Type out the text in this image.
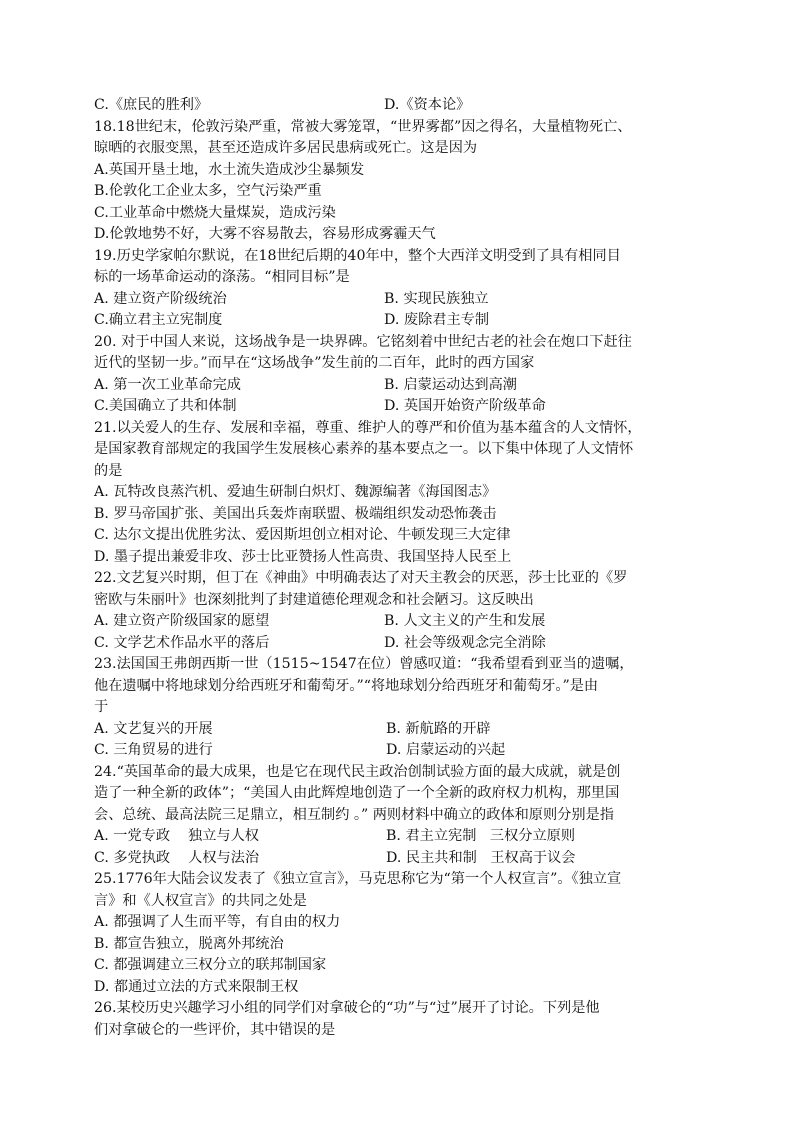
C.《庶民的胜利》	D.《资本论》
18.18世纪末，伦敦污染严重，常被大雾笼罩，“世界雾都”因之得名，大量植物死亡、
晾晒的衣服变黑，甚至还造成许多居民患病或死亡。这是因为
A.英国开垦土地，水土流失造成沙尘暴频发
B.伦敦化工企业太多，空气污染严重
C.工业革命中燃烧大量煤炭，造成污染
D.伦敦地势不好，大雾不容易散去，容易形成雾霾天气
19.历史学家帕尔默说，在18世纪后期的40年中，整个大西洋文明受到了具有相同目
标的一场革命运动的涤荡。“相同目标”是
A. 建立资产阶级统治	B. 实现民族独立
C.确立君主立宪制度	D. 废除君主专制
20. 对于中国人来说，这场战争是一块界碑。它铭刻着中世纪古老的社会在炮口下赶往
近代的坚韧一步。”而早在“这场战争”发生前的二百年，此时的西方国家
A. 第一次工业革命完成	B. 启蒙运动达到高潮
C.美国确立了共和体制	D. 英国开始资产阶级革命
21.以关爱人的生存、发展和幸福，尊重、维护人的尊严和价值为基本蕴含的人文情怀，
是国家教育部规定的我国学生发展核心素养的基本要点之一。以下集中体现了人文情怀
的是
A. 瓦特改良蒸汽机、爱迪生研制白炽灯、魏源编著《海国图志》
B. 罗马帝国扩张、美国出兵轰炸南联盟、极端组织发动恐怖袭击
C. 达尔文提出优胜劣汰、爱因斯坦创立相对论、牛顿发现三大定律
D. 墨子提出兼爱非攻、莎士比亚赞扬人性高贵、我国坚持人民至上
22.文艺复兴时期，但丁在《神曲》中明确表达了对天主教会的厌恶，莎士比亚的《罗
密欧与朱丽叶》也深刻批判了封建道德伦理观念和社会陋习。这反映出
A. 建立资产阶级国家的愿望	B. 人文主义的产生和发展
C. 文学艺术作品水平的落后	D. 社会等级观念完全消除
23.法国国王弗朗西斯一世（1515~1547在位）曾感叹道：“我希望看到亚当的遗嘱，
他在遗嘱中将地球划分给西班牙和葡萄牙。”“将地球划分给西班牙和葡萄牙。”是由
于
A. 文艺复兴的开展	B. 新航路的开辟
C. 三角贸易的进行	D. 启蒙运动的兴起
24.“英国革命的最大成果，也是它在现代民主政治创制试验方面的最大成就，就是创
造了一种全新的政体”；“美国人由此辉煌地创造了一个全新的政府权力机构，那里国
会、总统、最高法院三足鼎立，相互制约 。” 两则材料中确立的政体和原则分别是指
A. 一党专政    独立与人权	B. 君主立宪制   三权分立原则
C. 多党执政    人权与法治	D. 民主共和制   王权高于议会
25.1776年大陆会议发表了《独立宣言》，马克思称它为“第一个人权宣言”。《独立宣
言》和《人权宣言》的共同之处是
A. 都强调了人生而平等，有自由的权力
B. 都宣告独立，脱离外邦统治
C. 都强调建立三权分立的联邦制国家
D. 都通过立法的方式来限制王权
26.某校历史兴趣学习小组的同学们对拿破仑的“功”与“过”展开了讨论。下列是他
们对拿破仑的一些评价，其中错误的是
